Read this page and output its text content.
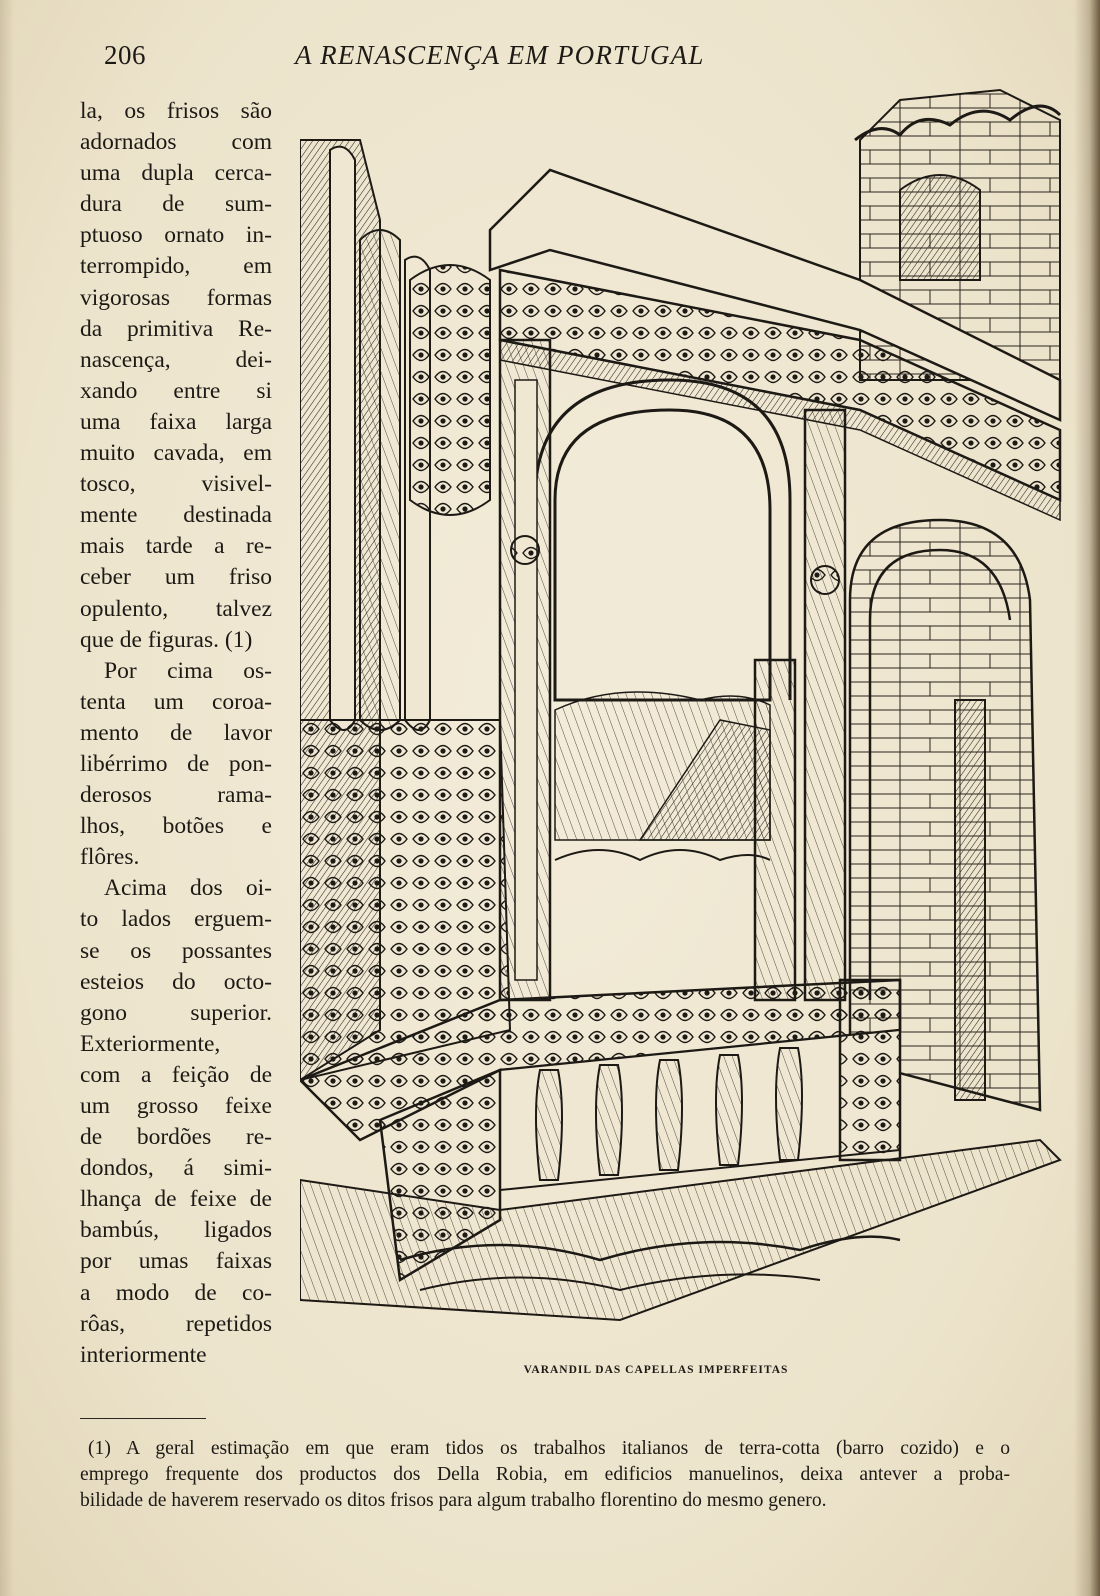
206	A RENASCENÇA EM PORTUGAL
la, os frisos são
adornados com
uma dupla cerca-
dura de sum-
ptuoso ornato in-
terrompido, em
vigorosas formas
da primitiva Re-
nascença, dei-
xando entre si
uma faixa larga
muito cavada, em
tosco, visivel-
mente destinada
mais tarde a re-
ceber um friso
opulento, talvez
que de figuras. (1)
Por cima os-
tenta um coroa-
mento de lavor
libérrimo de pon-
derosos rama-
lhos, botões e
flôres.
Acima dos oi-
to lados erguem-
se os possantes
esteios do octo-
gono superior.
Exteriormente,
com a feição de
um grosso feixe
de bordões re-
dondos, á simi-
lhança de feixe de
bambús, ligados
por umas faixas
a modo de co-
rôas, repetidos
interiormente
VARANDIL DAS CAPELLAS IMPERFEITAS
(1) A geral estimação em que eram tidos os trabalhos italianos de terra-cotta (barro cozido) e o
emprego frequente dos productos dos Della Robia, em edificios manuelinos, deixa antever a proba-
bilidade de haverem reservado os ditos frisos para algum trabalho florentino do mesmo genero.
